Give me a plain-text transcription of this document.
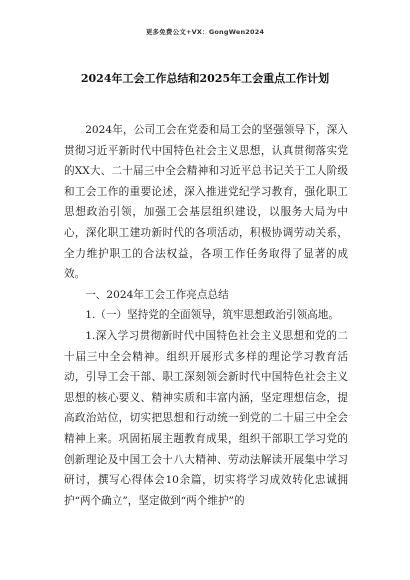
更多免费公文+VX：GongWen2024
2024年工会工作总结和2025年工会重点工作计划

2024年，公司工会在党委和局工会的坚强领导下，深入贯彻习近平新时代中国特色社会主义思想，认真贯彻落实党的XX大、二十届三中全会精神和习近平总书记关于工人阶级和工会工作的重要论述，深入推进党纪学习教育，强化职工思想政治引领，加强工会基层组织建设，以服务大局为中心，深化职工建功新时代的各项活动，积极协调劳动关系，全力维护职工的合法权益，各项工作任务取得了显著的成效。

一、2024年工会工作亮点总结

1.（一）坚持党的全面领导，筑牢思想政治引领高地。

1.深入学习贯彻新时代中国特色社会主义思想和党的二十届三中全会精神。组织开展形式多样的理论学习教育活动，引导工会干部、职工深刻领会新时代中国特色社会主义思想的核心要义、精神实质和丰富内涵，坚定理想信念，提高政治站位，切实把思想和行动统一到党的二十届三中全会精神上来。巩固拓展主题教育成果，组织干部职工学习党的创新理论及中国工会十八大精神、劳动法解读开展集中学习研讨，撰写心得体会10余篇，切实将学习成效转化忠诚拥护“两个确立”，坚定做到“两个维护”的
